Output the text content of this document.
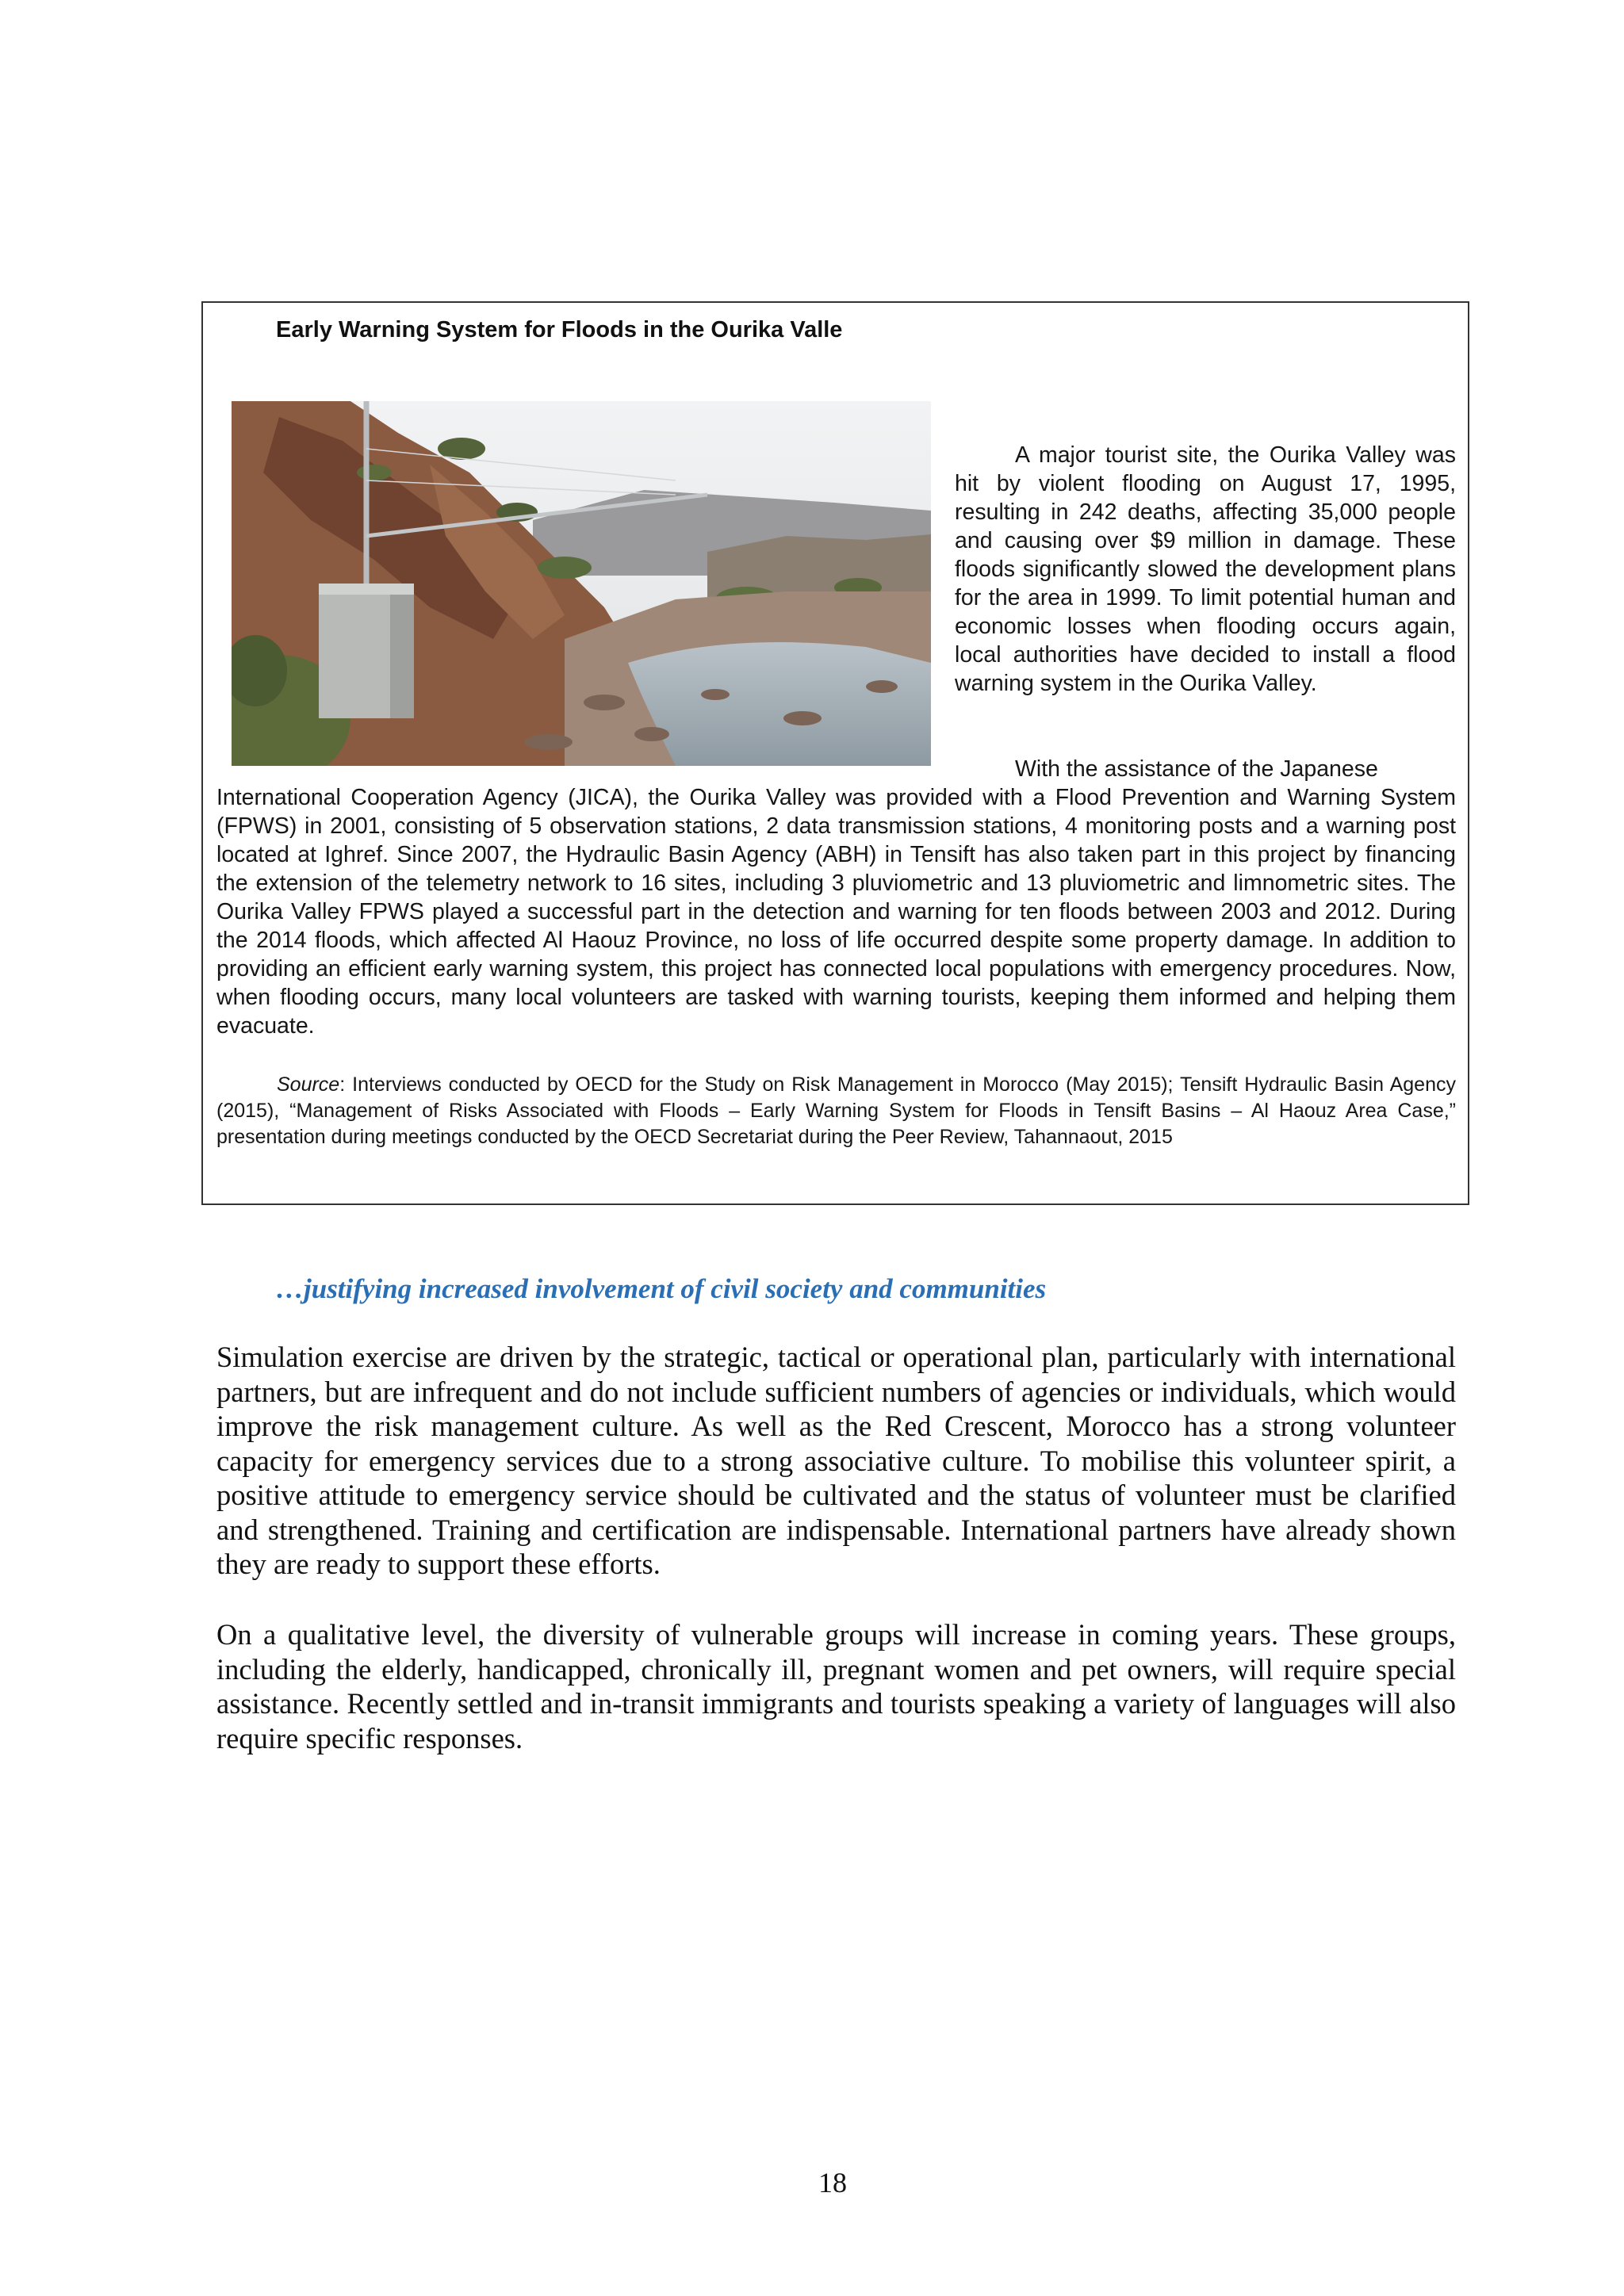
Early Warning System for Floods in the Ourika Valle

A major tourist site, the Ourika Valley was hit by violent flooding on August 17, 1995, resulting in 242 deaths, affecting 35,000 people and causing over $9 million in damage. These floods significantly slowed the development plans for the area in 1999. To limit potential human and economic losses when flooding occurs again, local authorities have decided to install a flood warning system in the Ourika Valley.

With the assistance of the Japanese

International Cooperation Agency (JICA), the Ourika Valley was provided with a Flood Prevention and Warning System (FPWS) in 2001, consisting of 5 observation stations, 2 data transmission stations, 4 monitoring posts and a warning post located at Ighref. Since 2007, the Hydraulic Basin Agency (ABH) in Tensift has also taken part in this project by financing the extension of the telemetry network to 16 sites, including 3 pluviometric and 13 pluviometric and limnometric sites. The Ourika Valley FPWS played a successful part in the detection and warning for ten floods between 2003 and 2012. During the 2014 floods, which affected Al Haouz Province, no loss of life occurred despite some property damage. In addition to providing an efficient early warning system, this project has connected local populations with emergency procedures. Now, when flooding occurs, many local volunteers are tasked with warning tourists, keeping them informed and helping them evacuate.

Source: Interviews conducted by OECD for the Study on Risk Management in Morocco (May 2015); Tensift Hydraulic Basin Agency (2015), “Management of Risks Associated with Floods – Early Warning System for Floods in Tensift Basins – Al Haouz Area Case,” presentation during meetings conducted by the OECD Secretariat during the Peer Review, Tahannaout, 2015

…justifying increased involvement of civil society and communities

Simulation exercise are driven by the strategic, tactical or operational plan, particularly with international partners, but are infrequent and do not include sufficient numbers of agencies or individuals, which would improve the risk management culture. As well as the Red Crescent, Morocco has a strong volunteer capacity for emergency services due to a strong associative culture. To mobilise this volunteer spirit, a positive attitude to emergency service should be cultivated and the status of volunteer must be clarified and strengthened. Training and certification are indispensable. International partners have already shown they are ready to support these efforts.

On a qualitative level, the diversity of vulnerable groups will increase in coming years. These groups, including the elderly, handicapped, chronically ill, pregnant women and pet owners, will require special assistance. Recently settled and in-transit immigrants and tourists speaking a variety of languages will also require specific responses.

18
